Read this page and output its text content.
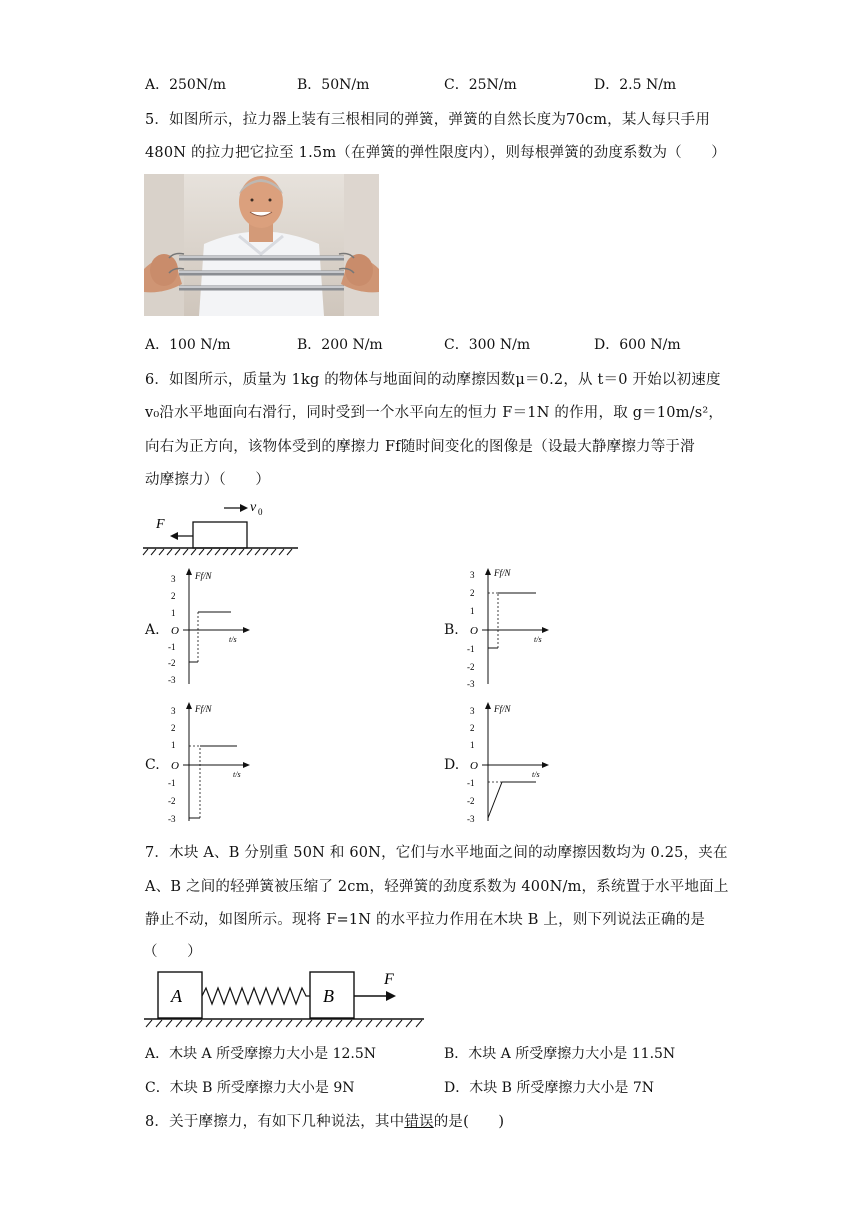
A．250N/m	B．50N/m	C．25N/m	D．2.5 N/m
5．如图所示，拉力器上装有三根相同的弹簧，弹簧的自然长度为70cm，某人每只手用
480N 的拉力把它拉至 1.5m（在弹簧的弹性限度内），则每根弹簧的劲度系数为（　　）
A．100 N/m	B．200 N/m	C．300 N/m	D．600 N/m
6．如图所示，质量为 1kg 的物体与地面间的动摩擦因数μ＝0.2，从 t＝0 开始以初速度
v₀沿水平地面向右滑行，同时受到一个水平向左的恒力 F＝1N 的作用，取 g＝10m/s²，
向右为正方向，该物体受到的摩擦力 Ff随时间变化的图像是（设最大静摩擦力等于滑
动摩擦力）（　　）
F
v 0
A.
3
2
1
-1
-2
-3
O
Ff/N
t/s
B.
3
2
1
-1
-2
-3
O
Ff/N
t/s
C.
3
2
1
-1
-2
-3
O
Ff/N
t/s
D.
3
2
1
-1
-2
-3
O
Ff/N
t/s
7．木块 A、B 分别重 50N 和 60N，它们与水平地面之间的动摩擦因数均为 0.25，夹在
A、B 之间的轻弹簧被压缩了 2cm，轻弹簧的劲度系数为 400N/m，系统置于水平地面上
静止不动，如图所示。现将 F=1N 的水平拉力作用在木块 B 上，则下列说法正确的是
（　　）
A	B
F
A．木块 A 所受摩擦力大小是 12.5N	B．木块 A 所受摩擦力大小是 11.5N
C．木块 B 所受摩擦力大小是 9N	D．木块 B 所受摩擦力大小是 7N
8．关于摩擦力，有如下几种说法，其中错误的是(　　)
